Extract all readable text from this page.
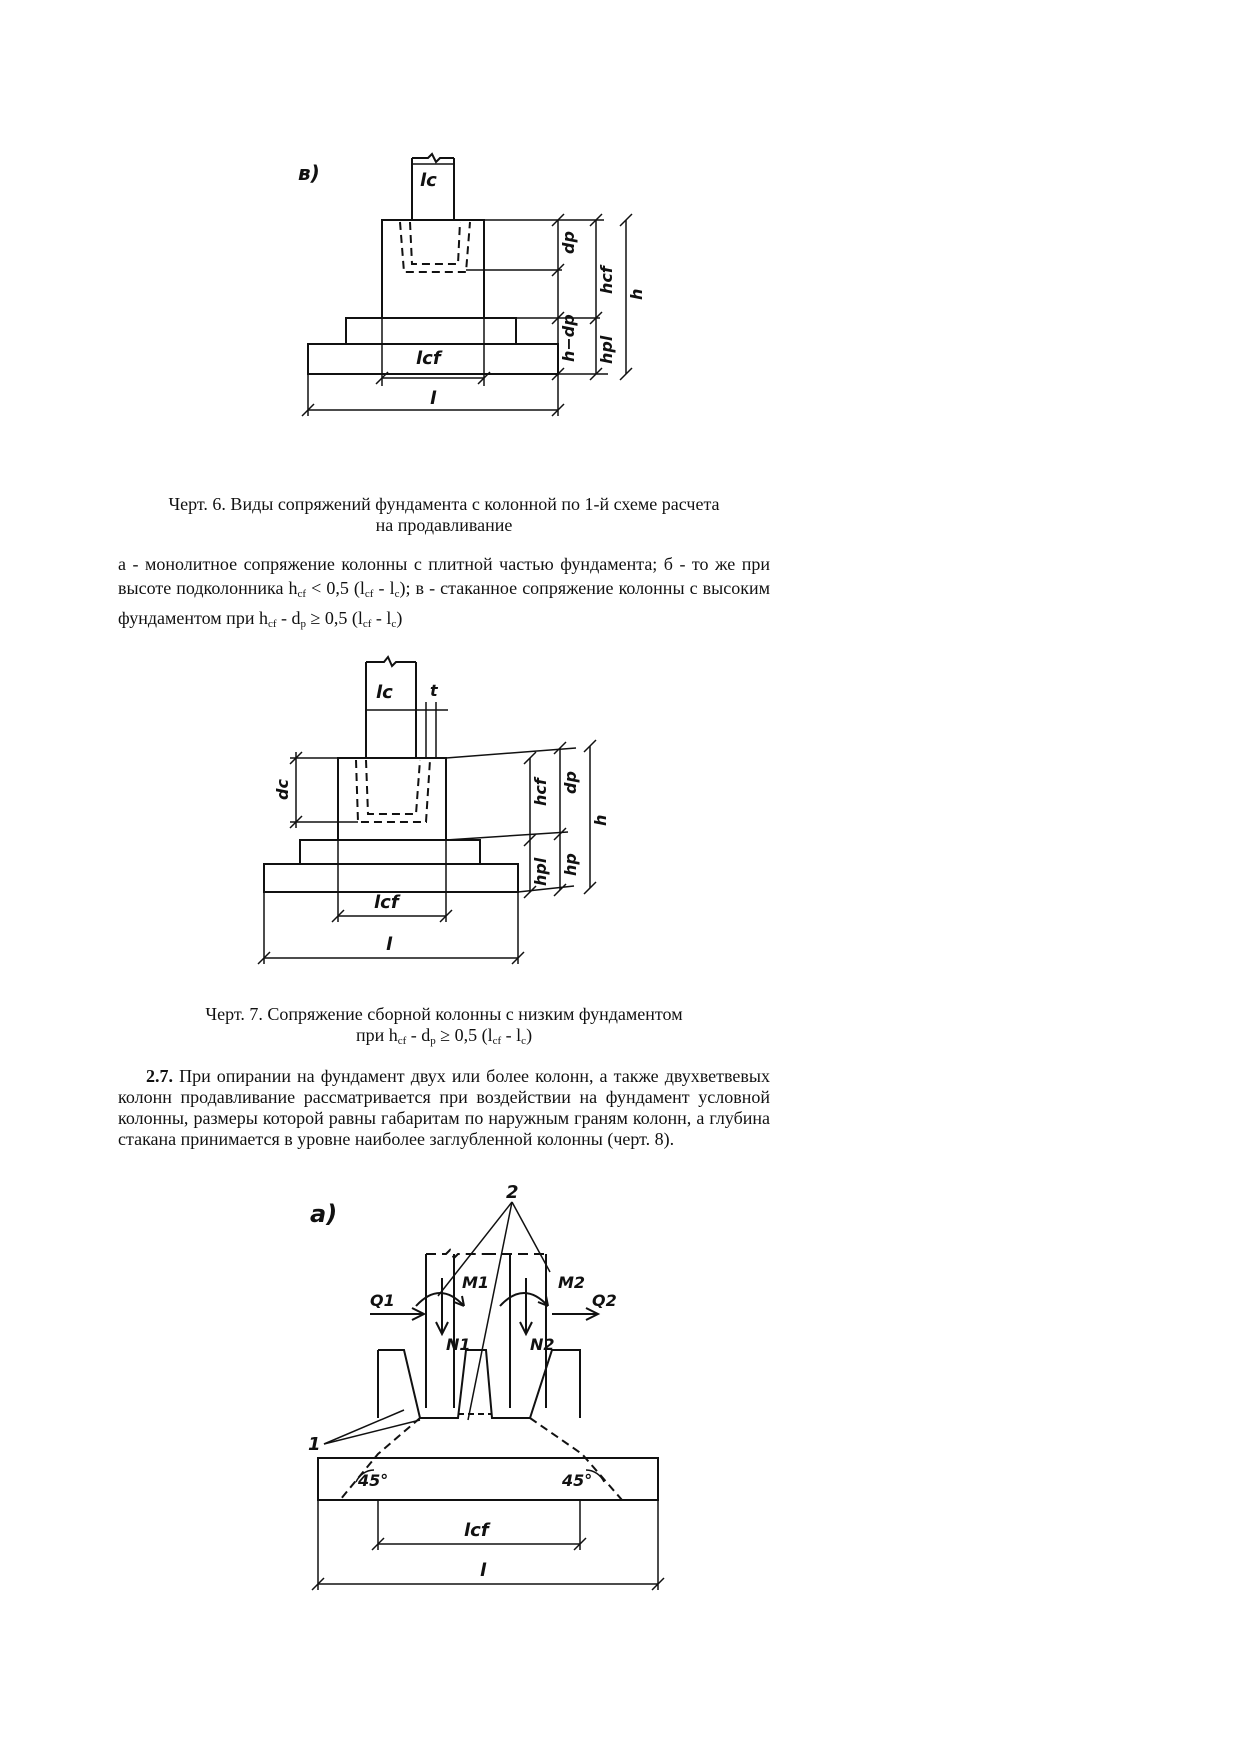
в)	lc
lcf
l
dp
h−dp
hcf
hpl
h
Черт. 6. Виды сопряжений фундамента с колонной по 1-й схеме расчета
на продавливание
а - монолитное сопряжение колонны с плитной частью фундамента; б - то же при высоте подколонника $h_{cf} < 0,5$ $(l_{cf} - l_c)$; в - стаканное сопряжение колонны с высоким фундаментом при $h_{cf} - d_p \ge 0,5$ $(l_{cf} - l_c)$
lc t
dc	hcf
hpl
dp
hp
h
lcf
l
Черт. 7. Сопряжение сборной колонны с низким фундаментом
при $h_{cf} - d_p \ge 0,5$ $(l_{cf} - l_c)$
2.7. При опирании на фундамент двух или более колонн, а также двухветвевых колонн продавливание рассматривается при воздействии на фундамент условной колонны, размеры которой равны габаритам по наружным граням колонн, а глубина стакана принимается в уровне наиболее заглубленной колонны (черт. 8).
а)
2
1
Q1	Q2
M1	M2
N1	N2
45°	45°
lcf
l
